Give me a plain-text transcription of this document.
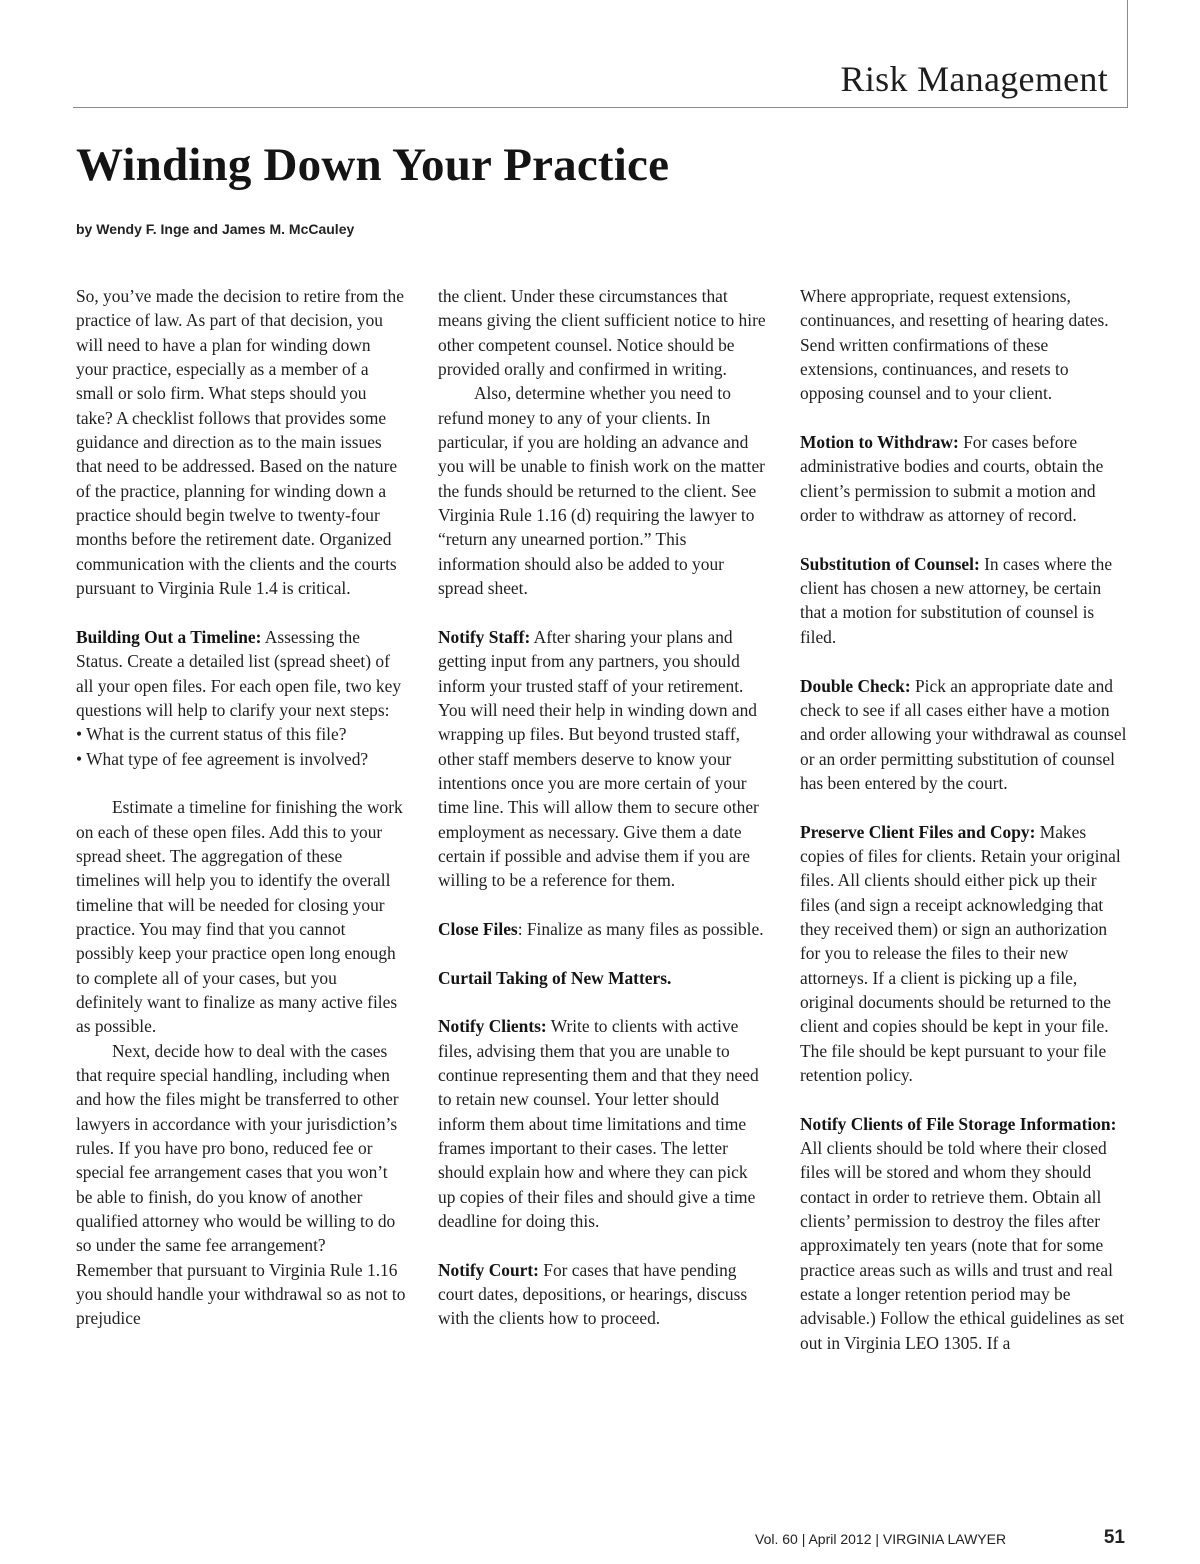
Risk Management
Winding Down Your Practice
by Wendy F. Inge and James M. McCauley

So, you’ve made the decision to retire from the practice of law. As part of that decision, you will need to have a plan for winding down your practice, especially as a member of a small or solo firm. What steps should you take? A checklist follows that provides some guidance and direction as to the main issues that need to be addressed. Based on the nature of the practice, planning for winding down a practice should begin twelve to twenty-four months before the retirement date. Organized communication with the clients and the courts pursuant to Virginia Rule 1.4 is critical.

Building Out a Timeline: Assessing the Status. Create a detailed list (spread sheet) of all your open files. For each open file, two key questions will help to clarify your next steps:

• What is the current status of this file?

• What type of fee agreement is involved?

Estimate a timeline for finishing the work on each of these open files. Add this to your spread sheet. The aggregation of these timelines will help you to identify the overall timeline that will be needed for closing your practice. You may find that you cannot possibly keep your practice open long enough to complete all of your cases, but you definitely want to finalize as many active files as possible.

Next, decide how to deal with the cases that require special handling, including when and how the files might be transferred to other lawyers in accordance with your jurisdiction’s rules. If you have pro bono, reduced fee or special fee arrangement cases that you won’t be able to finish, do you know of another qualified attorney who would be willing to do so under the same fee arrangement? Remember that pursuant to Virginia Rule 1.16 you should handle your withdrawal so as not to prejudice

the client. Under these circumstances that means giving the client sufficient notice to hire other competent counsel. Notice should be provided orally and confirmed in writing.

Also, determine whether you need to refund money to any of your clients. In particular, if you are holding an advance and you will be unable to finish work on the matter the funds should be returned to the client. See Virginia Rule 1.16 (d) requiring the lawyer to “return any unearned portion.” This information should also be added to your spread sheet.

Notify Staff: After sharing your plans and getting input from any partners, you should inform your trusted staff of your retirement. You will need their help in winding down and wrapping up files. But beyond trusted staff, other staff members deserve to know your intentions once you are more certain of your time line. This will allow them to secure other employment as necessary. Give them a date certain if possible and advise them if you are willing to be a reference for them.

Close Files: Finalize as many files as possible.

Curtail Taking of New Matters.

Notify Clients: Write to clients with active files, advising them that you are unable to continue representing them and that they need to retain new counsel. Your letter should inform them about time limitations and time frames important to their cases. The letter should explain how and where they can pick up copies of their files and should give a time deadline for doing this.

Notify Court: For cases that have pending court dates, depositions, or hearings, discuss with the clients how to proceed.

Where appropriate, request extensions, continuances, and resetting of hearing dates. Send written confirmations of these extensions, continuances, and resets to opposing counsel and to your client.

Motion to Withdraw: For cases before administrative bodies and courts, obtain the client’s permission to submit a motion and order to withdraw as attorney of record.

Substitution of Counsel: In cases where the client has chosen a new attorney, be certain that a motion for substitution of counsel is filed.

Double Check: Pick an appropriate date and check to see if all cases either have a motion and order allowing your withdrawal as counsel or an order permitting substitution of counsel has been entered by the court.

Preserve Client Files and Copy: Makes copies of files for clients. Retain your original files. All clients should either pick up their files (and sign a receipt acknowledging that they received them) or sign an authorization for you to release the files to their new attorneys. If a client is picking up a file, original documents should be returned to the client and copies should be kept in your file. The file should be kept pursuant to your file retention policy.

Notify Clients of File Storage Information: All clients should be told where their closed files will be stored and whom they should contact in order to retrieve them. Obtain all clients’ permission to destroy the files after approximately ten years (note that for some practice areas such as wills and trust and real estate a longer retention period may be advisable.) Follow the ethical guidelines as set out in Virginia LEO 1305. If a

Vol. 60 | April 2012 | VIRGINIA LAWYER	51
